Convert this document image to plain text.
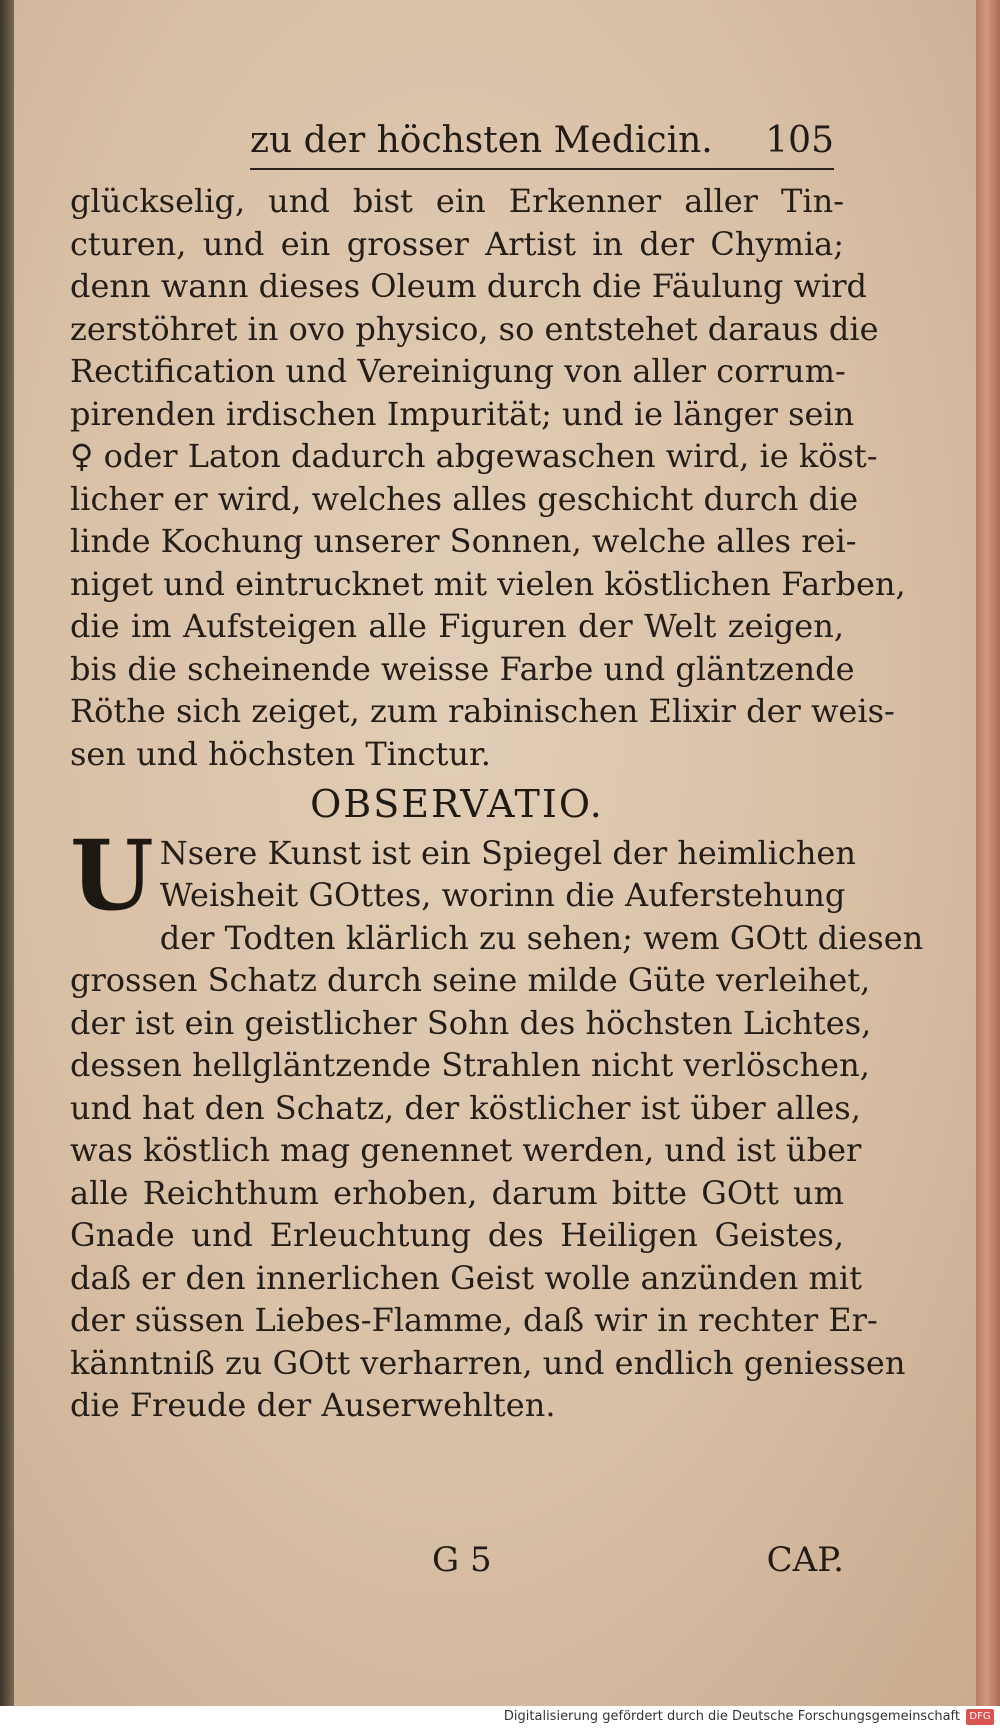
zu der höchsten Medicin. 105
glückselig, und bist ein Erkenner aller Tin-
cturen, und ein grosser Artist in der Chymia;
denn wann dieses Oleum durch die Fäulung wird
zerstöhret in ovo physico, so entstehet daraus die
Rectification und Vereinigung von aller corrum-
pirenden irdischen Impurität; und ie länger sein
♀ oder Laton dadurch abgewaschen wird, ie köst-
licher er wird, welches alles geschicht durch die
linde Kochung unserer Sonnen, welche alles rei-
niget und eintrucknet mit vielen köstlichen Farben,
die im Aufsteigen alle Figuren der Welt zeigen,
bis die scheinende weisse Farbe und gläntzende
Röthe sich zeiget, zum rabinischen Elixir der weis-
sen und höchsten Tinctur.
OBSERVATIO.
U Nsere Kunst ist ein Spiegel der heimlichen
Weisheit GOttes, worinn die Auferstehung
der Todten klärlich zu sehen; wem GOtt diesen
grossen Schatz durch seine milde Güte verleihet,
der ist ein geistlicher Sohn des höchsten Lichtes,
dessen hellgläntzende Strahlen nicht verlöschen,
und hat den Schatz, der köstlicher ist über alles,
was köstlich mag genennet werden, und ist über
alle Reichthum erhoben, darum bitte GOtt um
Gnade und Erleuchtung des Heiligen Geistes,
daß er den innerlichen Geist wolle anzünden mit
der süssen Liebes-Flamme, daß wir in rechter Er-
känntniß zu GOtt verharren, und endlich geniessen
die Freude der Auserwehlten.
G 5	CAP.
Digitalisierung gefördert durch die Deutsche Forschungsgemeinschaft DFG
